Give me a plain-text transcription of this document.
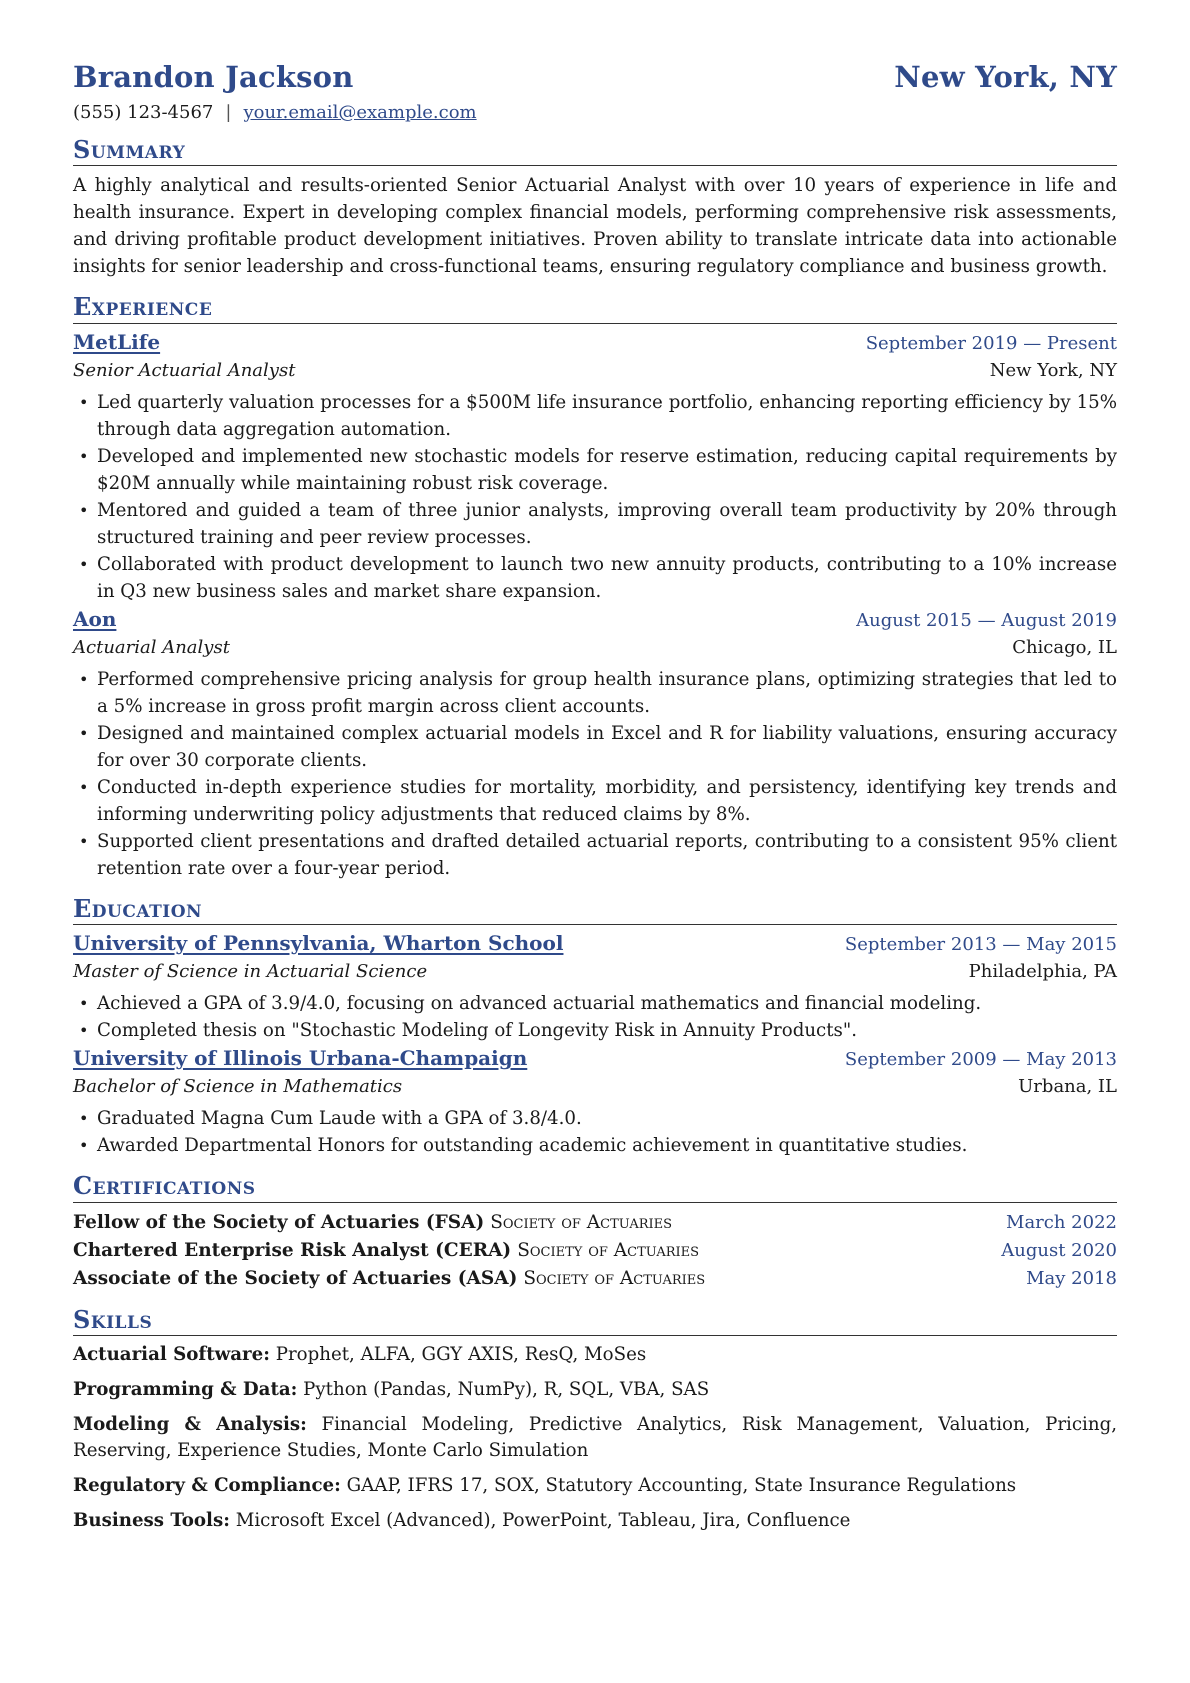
Brandon Jackson	New York, NY
(555) 123-4567 | your.email@example.com
Summary
A highly analytical and results-oriented Senior Actuarial Analyst with over 10 years of experience in life and health insurance. Expert in developing complex financial models, performing comprehensive risk assessments, and driving profitable product development initiatives. Proven ability to translate intricate data into actionable insights for senior leadership and cross-functional teams, ensuring regulatory compliance and business growth.
Experience
MetLife	September 2019 — Present
Senior Actuarial Analyst	New York, NY
• Led quarterly valuation processes for a $500M life insurance portfolio, enhancing reporting efficiency by 15% through data aggregation automation.
• Developed and implemented new stochastic models for reserve estimation, reducing capital requirements by $20M annually while maintaining robust risk coverage.
• Mentored and guided a team of three junior analysts, improving overall team productivity by 20% through structured training and peer review processes.
• Collaborated with product development to launch two new annuity products, contributing to a 10% increase in Q3 new business sales and market share expansion.
Aon	August 2015 — August 2019
Actuarial Analyst	Chicago, IL
• Performed comprehensive pricing analysis for group health insurance plans, optimizing strategies that led to a 5% increase in gross profit margin across client accounts.
• Designed and maintained complex actuarial models in Excel and R for liability valuations, ensuring accuracy for over 30 corporate clients.
• Conducted in-depth experience studies for mortality, morbidity, and persistency, identifying key trends and informing underwriting policy adjustments that reduced claims by 8%.
• Supported client presentations and drafted detailed actuarial reports, contributing to a consistent 95% client retention rate over a four-year period.
Education
University of Pennsylvania, Wharton School	September 2013 — May 2015
Master of Science in Actuarial Science	Philadelphia, PA
• Achieved a GPA of 3.9/4.0, focusing on advanced actuarial mathematics and financial modeling.
• Completed thesis on "Stochastic Modeling of Longevity Risk in Annuity Products".
University of Illinois Urbana-Champaign	September 2009 — May 2013
Bachelor of Science in Mathematics	Urbana, IL
• Graduated Magna Cum Laude with a GPA of 3.8/4.0.
• Awarded Departmental Honors for outstanding academic achievement in quantitative studies.
Certifications
Fellow of the Society of Actuaries (FSA) Society of Actuaries	March 2022
Chartered Enterprise Risk Analyst (CERA) Society of Actuaries	August 2020
Associate of the Society of Actuaries (ASA) Society of Actuaries	May 2018
Skills
Actuarial Software: Prophet, ALFA, GGY AXIS, ResQ, MoSes
Programming & Data: Python (Pandas, NumPy), R, SQL, VBA, SAS
Modeling & Analysis: Financial Modeling, Predictive Analytics, Risk Management, Valuation, Pricing, Reserving, Experience Studies, Monte Carlo Simulation
Regulatory & Compliance: GAAP, IFRS 17, SOX, Statutory Accounting, State Insurance Regulations
Business Tools: Microsoft Excel (Advanced), PowerPoint, Tableau, Jira, Confluence
